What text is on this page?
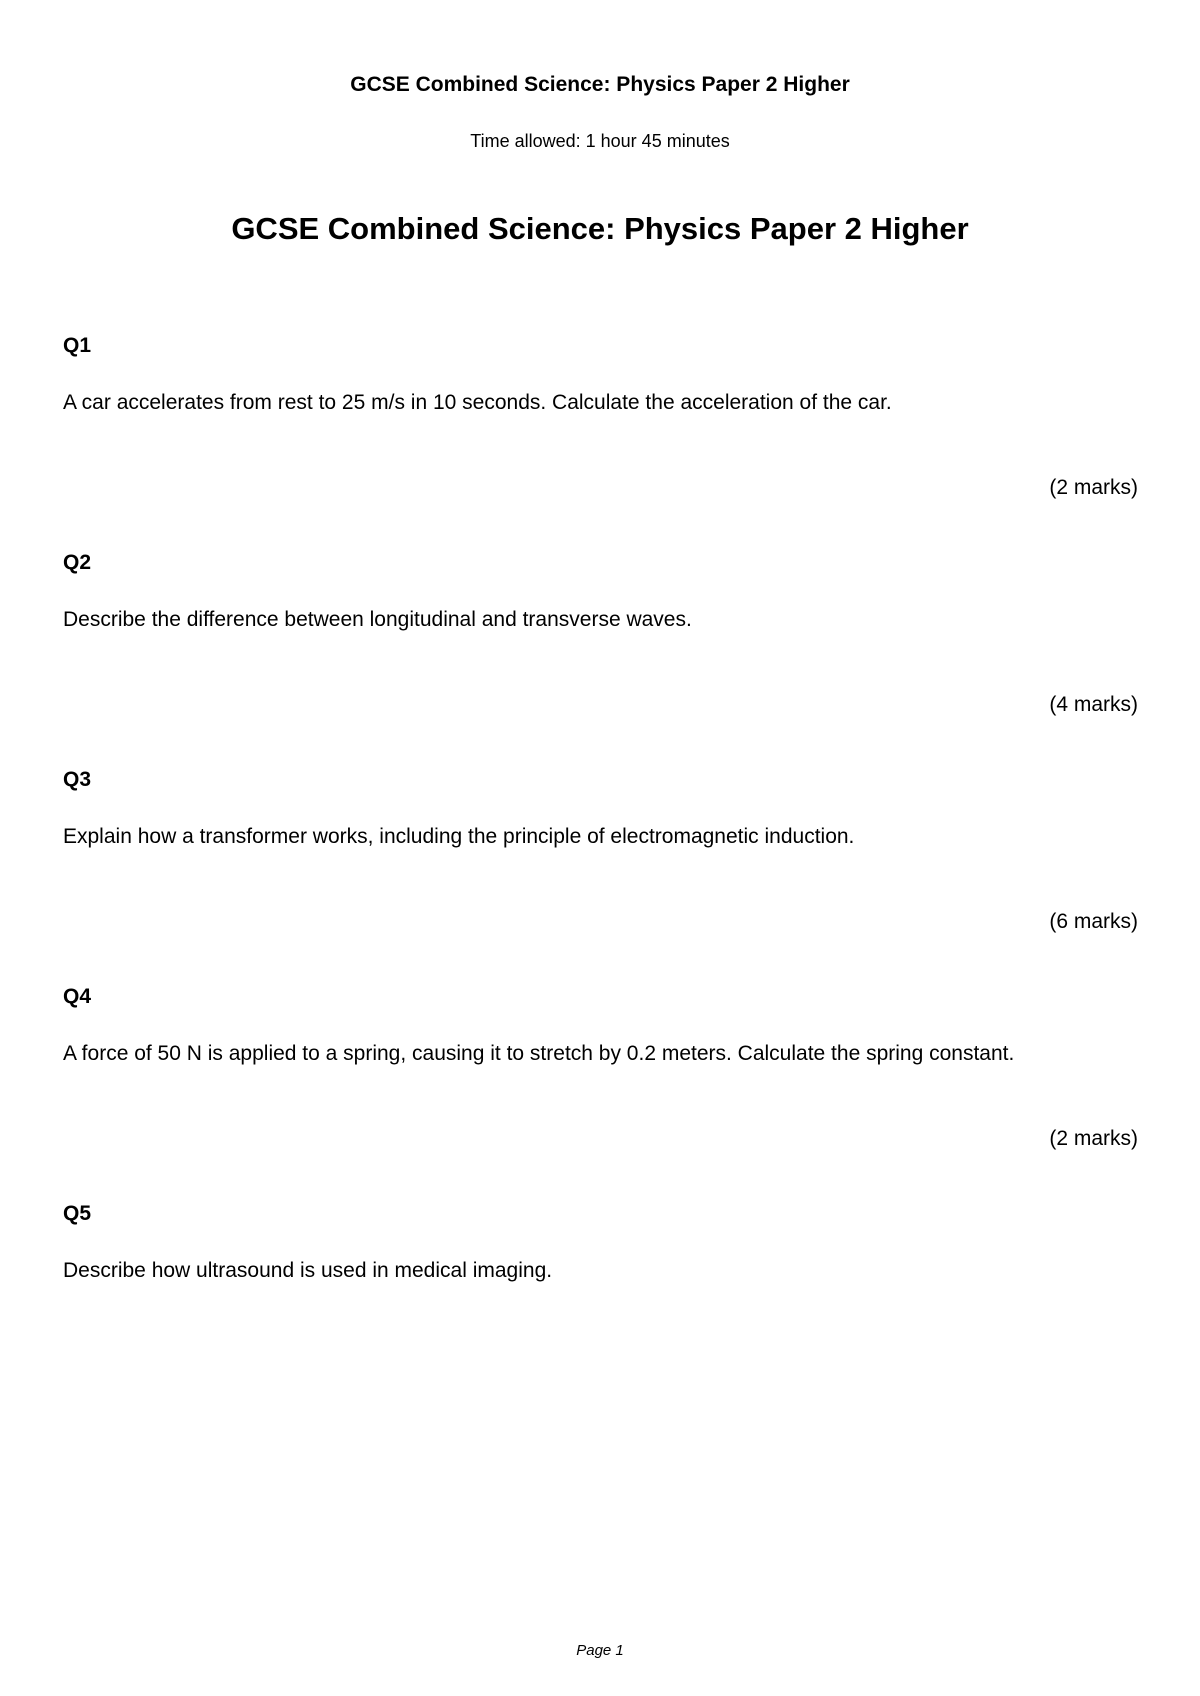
GCSE Combined Science: Physics Paper 2 Higher
Time allowed: 1 hour 45 minutes
GCSE Combined Science: Physics Paper 2 Higher
Q1
A car accelerates from rest to 25 m/s in 10 seconds. Calculate the acceleration of the car.
(2 marks)
Q2
Describe the difference between longitudinal and transverse waves.
(4 marks)
Q3
Explain how a transformer works, including the principle of electromagnetic induction.
(6 marks)
Q4
A force of 50 N is applied to a spring, causing it to stretch by 0.2 meters. Calculate the spring constant.
(2 marks)
Q5
Describe how ultrasound is used in medical imaging.
Page 1
